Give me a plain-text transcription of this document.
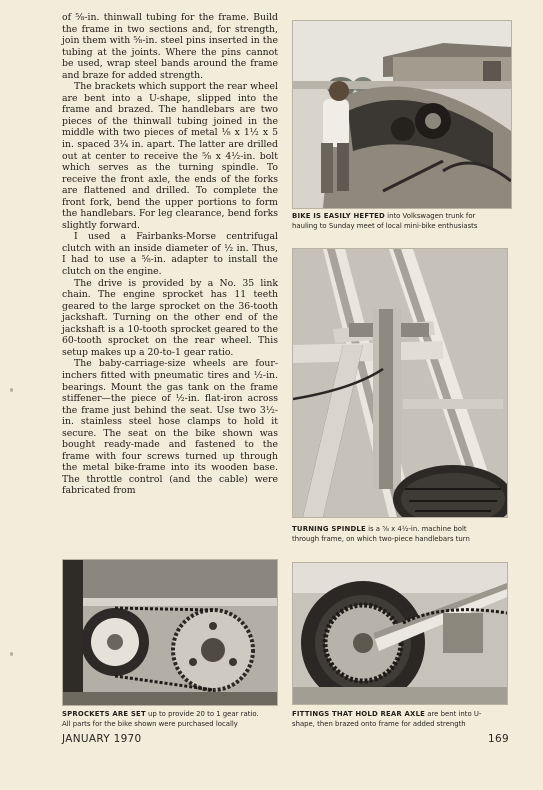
of ⅝-in. thinwall tubing for the frame. Build the frame in two sections and, for strength, join them with ⅝-in. steel pins inserted in the tubing at the joints. Where the pins cannot be used, wrap steel bands around the frame and braze for added strength.

The brackets which support the rear wheel are bent into a U-shape, slipped into the frame and brazed. The handlebars are two pieces of the thinwall tubing joined in the middle with two pieces of metal ⅛ x 1½ x 5 in. spaced 3¼ in. apart. The latter are drilled out at center to receive the ⅝ x 4½-in. bolt which serves as the turning spindle. To receive the front axle, the ends of the forks are flattened and drilled. To complete the front fork, bend the upper portions to form the handlebars. For leg clearance, bend forks slightly forward.

I used a Fairbanks-Morse centrifugal clutch with an inside diameter of ½ in. Thus, I had to use a ⅝-in. adapter to install the clutch on the engine.

The drive is provided by a No. 35 link chain. The engine sprocket has 11 teeth geared to the large sprocket on the 36-tooth jackshaft. Turning on the other end of the jackshaft is a 10-tooth sprocket geared to the 60-tooth sprocket on the rear wheel. This setup makes up a 20-to-1 gear ratio.

The baby-carriage-size wheels are four-inchers fitted with pneumatic tires and ½-in. bearings. Mount the gas tank on the frame stiffener—the piece of ½-in. flat-iron across the frame just behind the seat. Use two 3½-in. stainless steel hose clamps to hold it secure. The seat on the bike shown was bought ready-made and fastened to the frame with four screws turned up through the metal bike-frame into its wooden base. The throttle control (and the cable) were fabricated from

BIKE IS EASILY HEFTED into Volkswagen trunk for
hauling to Sunday meet of local mini-bike enthusiasts
TURNING SPINDLE is a ⅝ x 4½-in. machine bolt
through frame, on which two-piece handlebars turn
SPROCKETS ARE SET up to provide 20 to 1 gear ratio.
All parts for the bike shown were purchased locally
FITTINGS THAT HOLD REAR AXLE are bent into U-
shape, then brazed onto frame for added strength
JANUARY 1970	169
